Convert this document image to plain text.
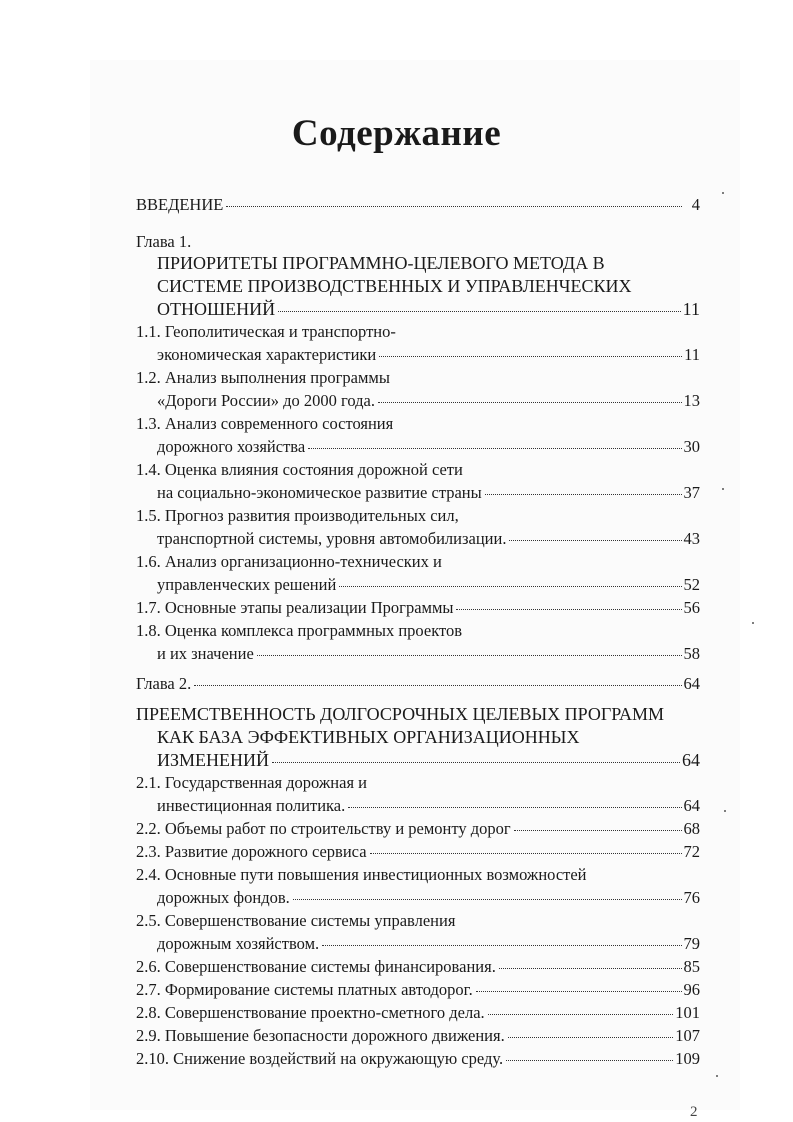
Содержание
ВВЕДЕНИЕ	4
Глава 1.
ПРИОРИТЕТЫ ПРОГРАММНО-ЦЕЛЕВОГО МЕТОДА В
СИСТЕМЕ ПРОИЗВОДСТВЕННЫХ И УПРАВЛЕНЧЕСКИХ
ОТНОШЕНИЙ	11
1.1. Геополитическая и транспортно-
экономическая характеристики	11
1.2. Анализ выполнения программы
«Дороги России» до 2000 года.	13
1.3. Анализ современного состояния
дорожного хозяйства	30
1.4. Оценка влияния состояния дорожной сети
на социально-экономическое развитие страны	37
1.5. Прогноз развития производительных сил,
транспортной системы, уровня автомобилизации.	43
1.6. Анализ организационно-технических и
управленческих решений	52
1.7. Основные этапы реализации Программы	56
1.8. Оценка комплекса программных проектов
и их значение	58
Глава 2.	64
ПРЕЕМСТВЕННОСТЬ ДОЛГОСРОЧНЫХ ЦЕЛЕВЫХ ПРОГРАММ
КАК БАЗА ЭФФЕКТИВНЫХ ОРГАНИЗАЦИОННЫХ
ИЗМЕНЕНИЙ	64
2.1. Государственная дорожная и
инвестиционная политика.	64
2.2. Объемы работ по строительству и ремонту дорог	68
2.3. Развитие дорожного сервиса	72
2.4. Основные пути повышения инвестиционных возможностей
дорожных фондов.	76
2.5. Совершенствование системы управления
дорожным хозяйством.	79
2.6. Совершенствование системы финансирования.	85
2.7. Формирование системы платных автодорог.	96
2.8. Совершенствование проектно-сметного дела.	101
2.9. Повышение безопасности дорожного движения.	107
2.10. Снижение воздействий на окружающую среду.	109
2
